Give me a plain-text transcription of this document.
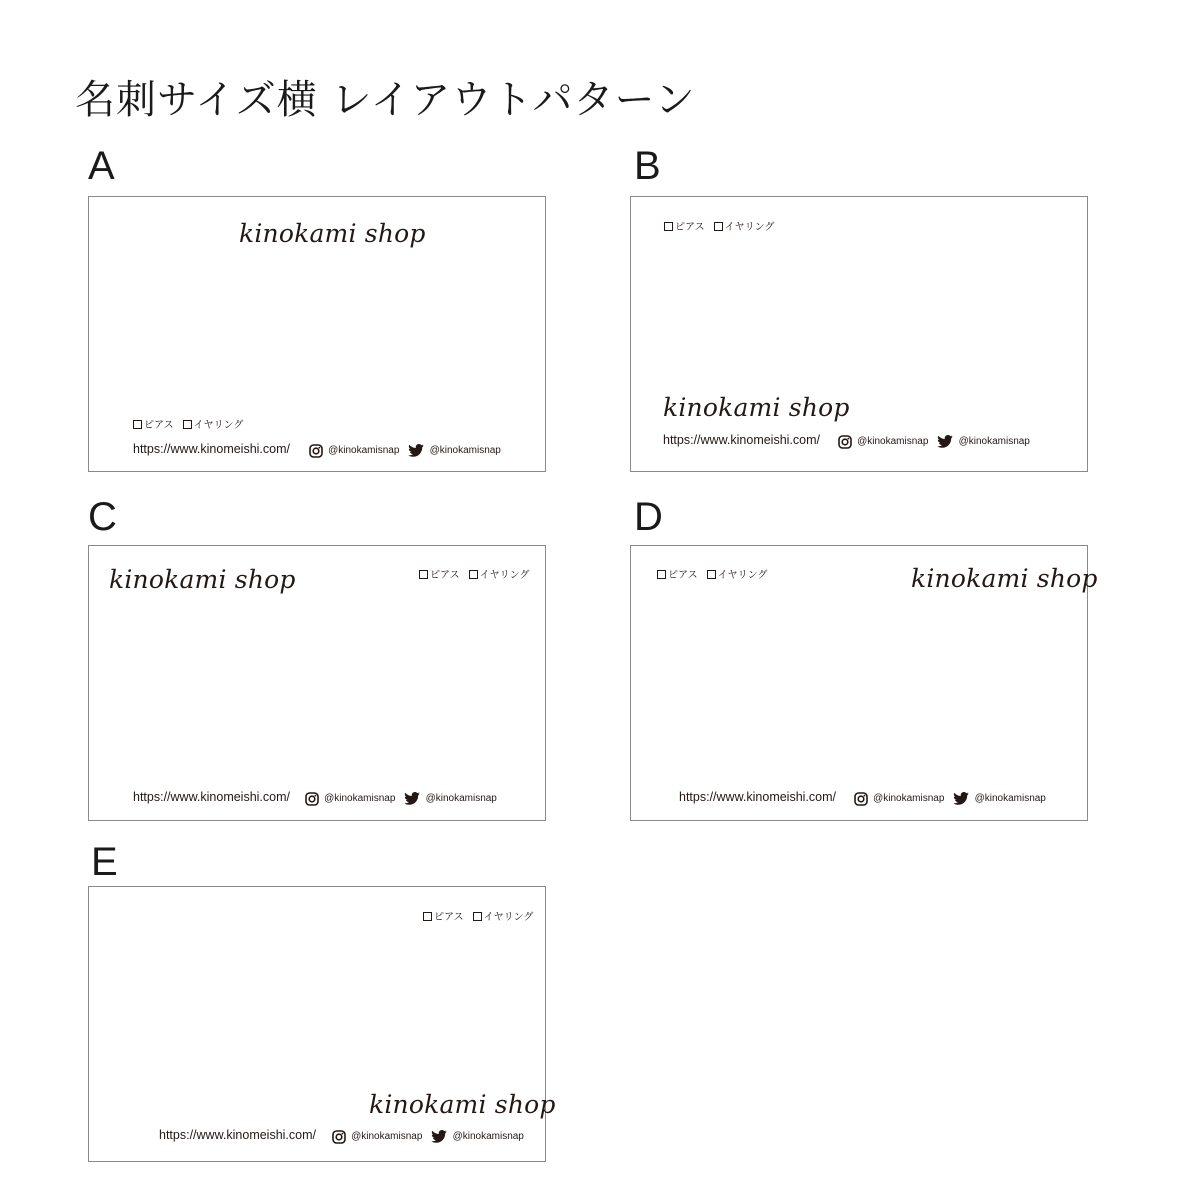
名刺サイズ横 レイアウトパターン
A
kinokami shop
ピアス イヤリング
https://www.kinomeishi.com/	@kinokamisnap	@kinokamisnap
B
ピアス イヤリング
kinokami shop
https://www.kinomeishi.com/	@kinokamisnap	@kinokamisnap
C
kinokami shop	ピアス イヤリング
https://www.kinomeishi.com/	@kinokamisnap	@kinokamisnap
D
ピアス イヤリング	kinokami shop
https://www.kinomeishi.com/	@kinokamisnap	@kinokamisnap
E
ピアス イヤリング
kinokami shop
https://www.kinomeishi.com/	@kinokamisnap	@kinokamisnap
